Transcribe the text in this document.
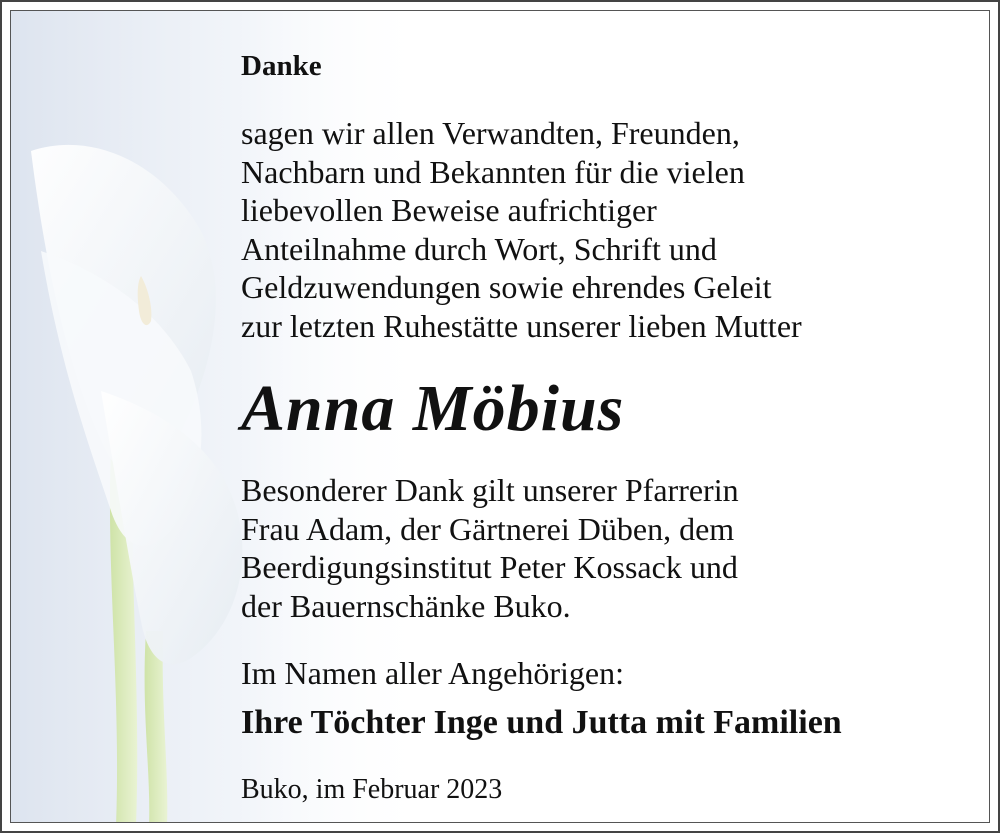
Danke
sagen wir allen Verwandten, Freunden,
Nachbarn und Bekannten für die vielen
liebevollen Beweise aufrichtiger
Anteilnahme durch Wort, Schrift und
Geldzuwendungen sowie ehrendes Geleit
zur letzten Ruhestätte unserer lieben Mutter
Anna Möbius
Besonderer Dank gilt unserer Pfarrerin
Frau Adam, der Gärtnerei Düben, dem
Beerdigungsinstitut Peter Kossack und
der Bauernschänke Buko.
Im Namen aller Angehörigen:
Ihre Töchter Inge und Jutta mit Familien
Buko, im Februar 2023
